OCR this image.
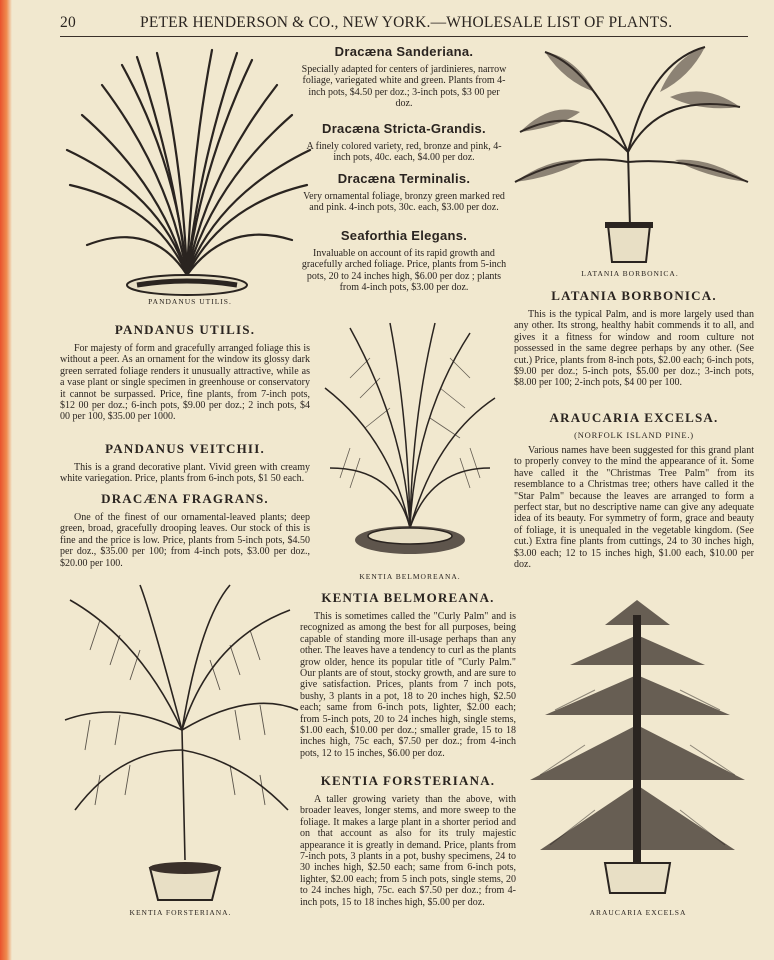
20	PETER HENDERSON & CO., NEW YORK.—WHOLESALE LIST OF PLANTS.
PANDANUS UTILIS.
LATANIA BORBONICA.
KENTIA BELMOREANA.
KENTIA FORSTERIANA.	ARAUCARIA EXCELSA
Dracæna Sanderiana.
Specially adapted for centers of jardinieres, narrow foliage, variegated white and green. Plants from 4-inch pots, $4.50 per doz.; 3-inch pots, $3 00 per doz.
Dracæna Stricta-Grandis.
A finely colored variety, red, bronze and pink, 4-inch pots, 40c. each, $4.00 per doz.
Dracæna Terminalis.
Very ornamental foliage, bronzy green marked red and pink. 4-inch pots, 30c. each, $3.00 per doz.
Seaforthia Elegans.
Invaluable on account of its rapid growth and gracefully arched foliage. Price, plants from 5-inch pots, 20 to 24 inches high, $6.00 per doz ; plants from 4-inch pots, $3.00 per doz.
PANDANUS UTILIS.
For majesty of form and gracefully arranged foliage this is without a peer. As an ornament for the window its glossy dark green serrated foliage renders it unusually attractive, while as a vase plant or single specimen in greenhouse or conservatory it cannot be surpassed. Price, fine plants, from 7-inch pots, $12 00 per doz.; 6-inch pots, $9.00 per doz.; 2 inch pots, $4 00 per 100, $35.00 per 1000.
PANDANUS VEITCHII.
This is a grand decorative plant. Vivid green with creamy white variegation. Price, plants from 6-inch pots, $1 50 each.
DRACÆNA FRAGRANS.
One of the finest of our ornamental-leaved plants; deep green, broad, gracefully drooping leaves. Our stock of this is fine and the price is low. Price, plants from 5-inch pots, $4.50 per doz., $35.00 per 100; from 4-inch pots, $3.00 per doz., $20.00 per 100.
LATANIA BORBONICA.
This is the typical Palm, and is more largely used than any other. Its strong, healthy habit commends it to all, and gives it a fitness for window and room culture not possessed in the same degree perhaps by any other. (See cut.) Price, plants from 8-inch pots, $2.00 each; 6-inch pots, $9.00 per doz.; 5-inch pots, $5.00 per doz.; 3-inch pots, $8.00 per 100; 2-inch pots, $4 00 per 100.
ARAUCARIA EXCELSA.
(NORFOLK ISLAND PINE.)
Various names have been suggested for this grand plant to properly convey to the mind the appearance of it. Some have called it the "Christmas Tree Palm" from its resemblance to a Christmas tree; others have called it the "Star Palm" because the leaves are arranged to form a perfect star, but no descriptive name can give any adequate idea of its beauty. For symmetry of form, grace and beauty of foliage, it is unequaled in the vegetable kingdom. (See cut.) Extra fine plants from cuttings, 24 to 30 inches high, $3.00 each; 12 to 15 inches high, $1.00 each, $10.00 per doz.
KENTIA BELMOREANA.
This is sometimes called the "Curly Palm" and is recognized as among the best for all purposes, being capable of standing more ill-usage perhaps than any other. The leaves have a tendency to curl as the plants grow older, hence its popular title of "Curly Palm." Our plants are of stout, stocky growth, and are sure to give satisfaction. Prices, plants from 7 inch pots, bushy, 3 plants in a pot, 18 to 20 inches high, $2.50 each; same from 6-inch pots, lighter, $2.00 each; from 5-inch pots, 20 to 24 inches high, single stems, $1.00 each, $10.00 per doz.; smaller grade, 15 to 18 inches high, 75c each, $7.50 per doz.; from 4-inch pots, 12 to 15 inches, $6.00 per doz.
KENTIA FORSTERIANA.
A taller growing variety than the above, with broader leaves, longer stems, and more sweep to the foliage. It makes a large plant in a shorter period and on that account as also for its truly majestic appearance it is greatly in demand. Price, plants from 7-inch pots, 3 plants in a pot, bushy specimens, 24 to 30 inches high, $2.50 each; same from 6-inch pots, lighter, $2.00 each; from 5 inch pots, single stems, 20 to 24 inches high, 75c. each $7.50 per doz.; from 4-inch pots, 15 to 18 inches high, $5.00 per doz.
